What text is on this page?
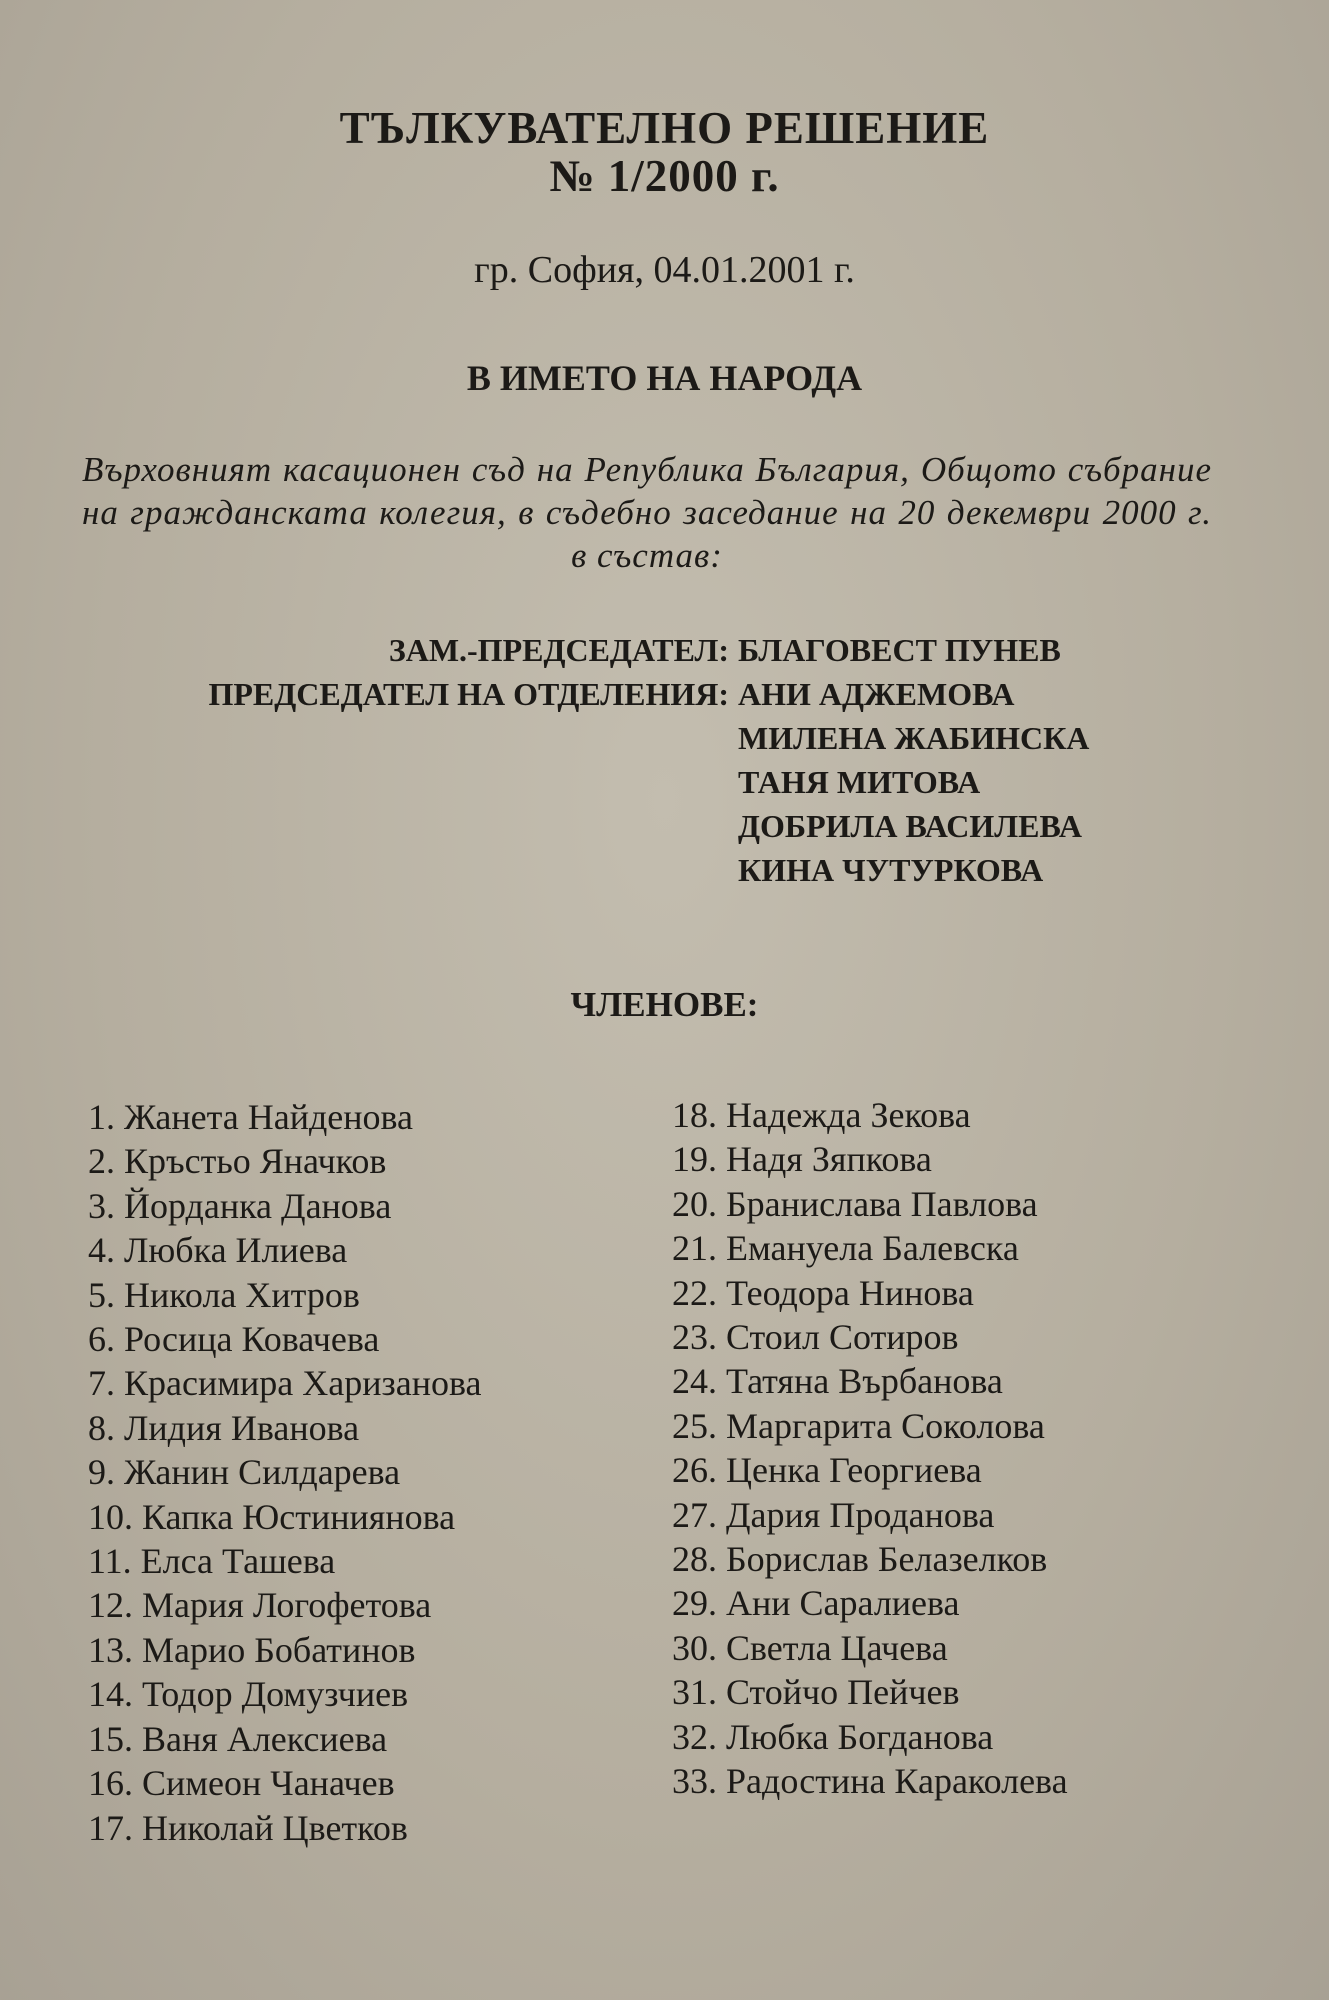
ТЪЛКУВАТЕЛНО РЕШЕНИЕ
№ 1/2000 г.
гр. София, 04.01.2001 г.
В ИМЕТО НА НАРОДА
Върховният касационен съд на Република България, Общото събрание на гражданската колегия, в съдебно заседание на 20 декември 2000 г. в състав:
ЗАМ.-ПРЕДСЕДАТЕЛ: БЛАГОВЕСТ ПУНЕВ
ПРЕДСЕДАТЕЛ НА ОТДЕЛЕНИЯ: АНИ АДЖЕМОВА
МИЛЕНА ЖАБИНСКА
ТАНЯ МИТОВА
ДОБРИЛА ВАСИЛЕВА
КИНА ЧУТУРКОВА
ЧЛЕНОВЕ:
1. Жанета Найденова
2. Кръстьо Яначков
3. Йорданка Данова
4. Любка Илиева
5. Никола Хитров
6. Росица Ковачева
7. Красимира Харизанова
8. Лидия Иванова
9. Жанин Силдарева
10. Капка Юстиниянова
11. Елса Ташева
12. Мария Логофетова
13. Марио Бобатинов
14. Тодор Домузчиев
15. Ваня Алексиева
16. Симеон Чаначев
17. Николай Цветков
18. Надежда Зекова
19. Надя Зяпкова
20. Бранислава Павлова
21. Емануела Балевска
22. Теодора Нинова
23. Стоил Сотиров
24. Татяна Върбанова
25. Маргарита Соколова
26. Ценка Георгиева
27. Дария Проданова
28. Борислав Белазелков
29. Ани Саралиева
30. Светла Цачева
31. Стойчо Пейчев
32. Любка Богданова
33. Радостина Караколева
